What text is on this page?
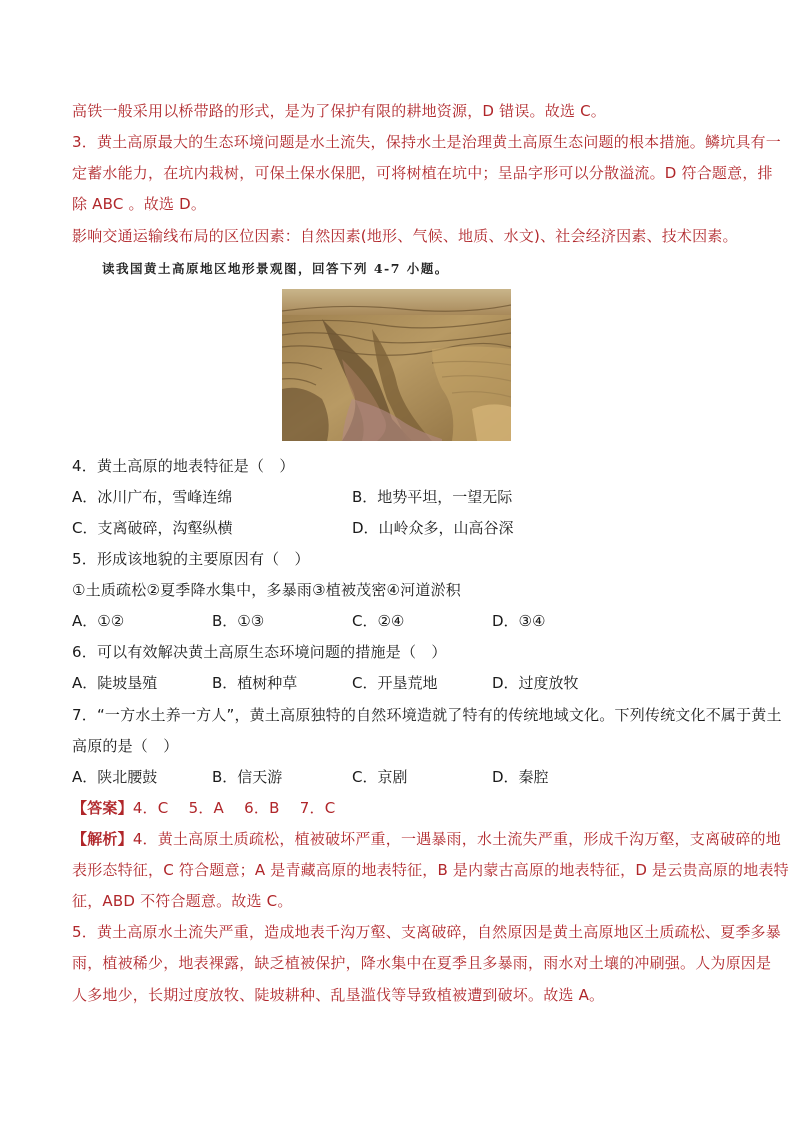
高铁一般采用以桥带路的形式，是为了保护有限的耕地资源，D 错误。故选 C。
3．黄土高原最大的生态环境问题是水土流失，保持水土是治理黄土高原生态问题的根本措施。鳞坑具有一
定蓄水能力，在坑内栽树，可保土保水保肥，可将树植在坑中；呈品字形可以分散溢流。D 符合题意，排
除 ABC 。故选 D。
影响交通运输线布局的区位因素：自然因素(地形、气候、地质、水文)、社会经济因素、技术因素。
读我国黄土高原地区地形景观图，回答下列 4-7 小题。
4．黄土高原的地表特征是（　）
A．冰川广布，雪峰连绵	B．地势平坦，一望无际
C．支离破碎，沟壑纵横	D．山岭众多，山高谷深
5．形成该地貌的主要原因有（　）
①土质疏松②夏季降水集中，多暴雨③植被茂密④河道淤积
A．①②	B．①③	C．②④	D．③④
6．可以有效解决黄土高原生态环境问题的措施是（　）
A．陡坡垦殖	B．植树种草	C．开垦荒地	D．过度放牧
7．“一方水土养一方人”，黄土高原独特的自然环境造就了特有的传统地域文化。下列传统文化不属于黄土
高原的是（　）
A．陕北腰鼓	B．信天游	C．京剧	D．秦腔
【答案】4．C　 5．A　 6．B　 7．C
【解析】4．黄土高原土质疏松，植被破坏严重，一遇暴雨，水土流失严重，形成千沟万壑，支离破碎的地
表形态特征，C 符合题意；A 是青藏高原的地表特征，B 是内蒙古高原的地表特征，D 是云贵高原的地表特
征，ABD 不符合题意。故选 C。
5．黄土高原水土流失严重，造成地表千沟万壑、支离破碎，自然原因是黄土高原地区土质疏松、夏季多暴
雨，植被稀少，地表裸露，缺乏植被保护，降水集中在夏季且多暴雨，雨水对土壤的冲刷强。人为原因是
人多地少，长期过度放牧、陡坡耕种、乱垦滥伐等导致植被遭到破坏。故选 A。
